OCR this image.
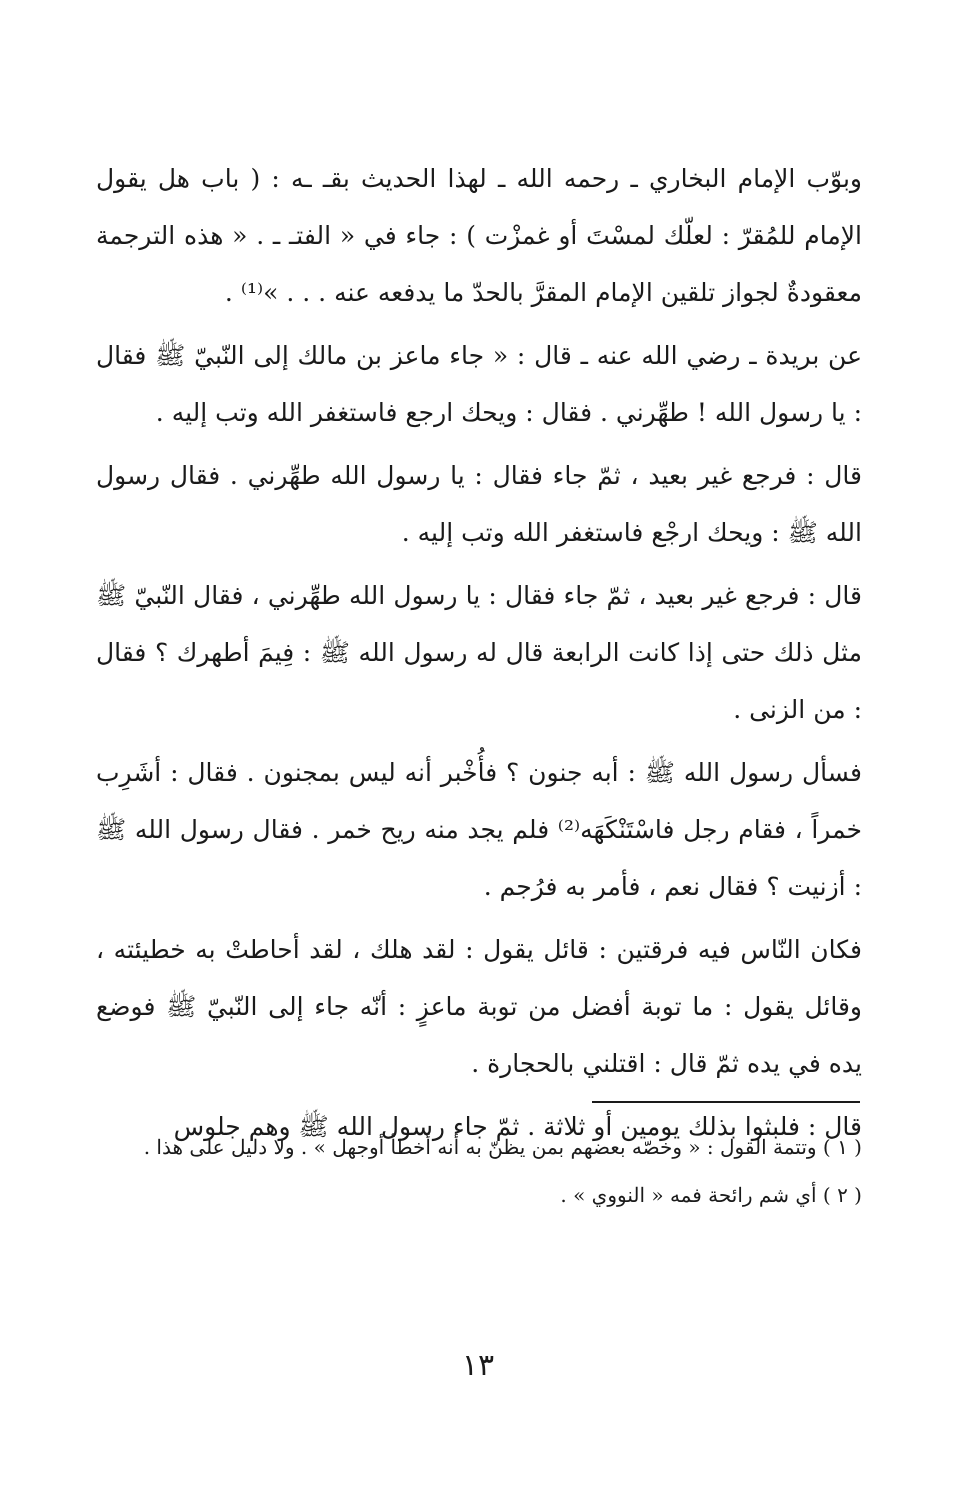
وبوّب الإمام البخاري ـ رحمه الله ـ لهذا الحديث بقـ ـه : ( باب هل يقول الإمام للمُقرّ : لعلّك لمسْتَ أو غمزْت ) : جاء في « الفتـ ـ . « هذه الترجمة معقودةٌ لجواز تلقين الإمام المقرَّ بالحدّ ما يدفعه عنه . . . »⁽¹⁾ .

عن بريدة ـ رضي الله عنه ـ قال : « جاء ماعز بن مالك إلى النّبيّ ﷺ فقال : يا رسول الله ! طهِّرني . فقال : ويحك ارجع فاستغفر الله وتب إليه .

قال : فرجع غير بعيد ، ثمّ جاء فقال : يا رسول الله طهِّرني . فقال رسول الله ﷺ : ويحك ارجْع فاستغفر الله وتب إليه .

قال : فرجع غير بعيد ، ثمّ جاء فقال : يا رسول الله طهِّرني ، فقال النّبيّ ﷺ مثل ذلك حتى إذا كانت الرابعة قال له رسول الله ﷺ : فِيمَ أطهرك ؟ فقال : من الزنى .

فسأل رسول الله ﷺ : أبه جنون ؟ فأُخْبر أنه ليس بمجنون . فقال : أشَرِب خمراً ، فقام رجل فاسْتَنْكَهَه⁽²⁾ فلم يجد منه ريح خمر . فقال رسول الله ﷺ : أزنيت ؟ فقال نعم ، فأمر به فرُجم .

فكان النّاس فيه فرقتين : قائل يقول : لقد هلك ، لقد أحاطتْ به خطيئته ، وقائل يقول : ما توبة أفضل من توبة ماعزٍ : أنّه جاء إلى النّبيّ ﷺ فوضع يده في يده ثمّ قال : اقتلني بالحجارة .

قال : فلبثوا بذلك يومين أو ثلاثة . ثمّ جاء رسول الله ﷺ وهم جلوس

( ١ ) وتتمة القول : « وخصّه بعضهم بمن يظنّ به أنه أخطأ أوجهل » . ولا دليل على هذا .

( ٢ ) أي شم رائحة فمه « النووي » .

١٣
